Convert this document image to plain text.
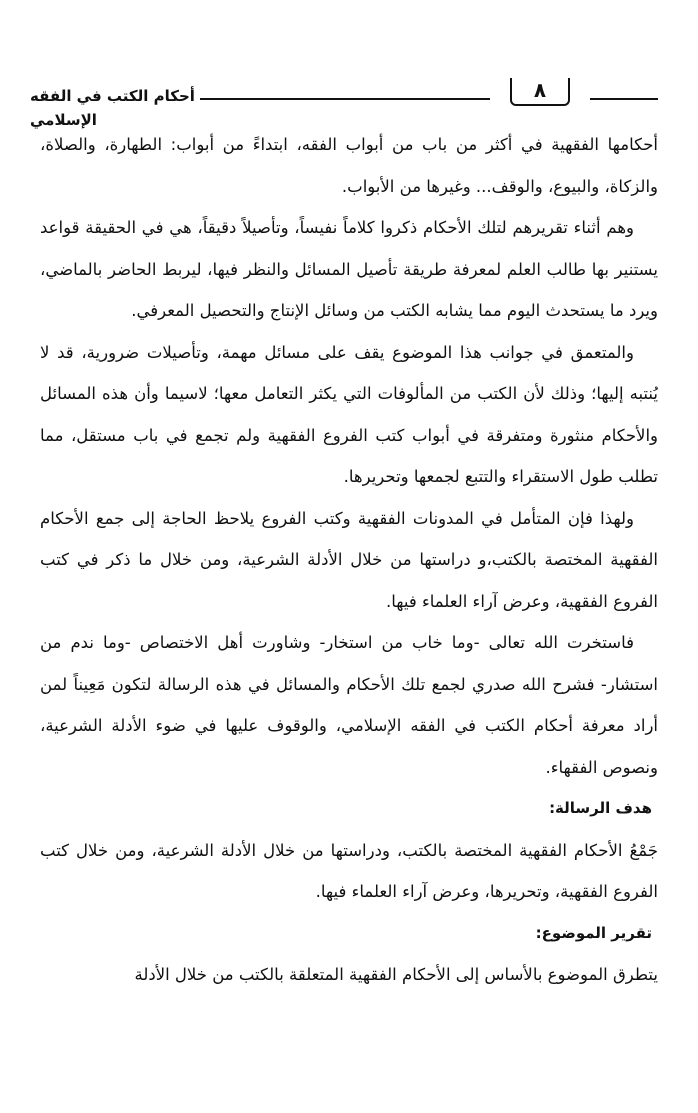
٨
أحكام الكتب في الفقه الإسلامي

أحكامها الفقهية في أكثر من باب من أبواب الفقه، ابتداءً من أبواب: الطهارة، والصلاة، والزكاة، والبيوع، والوقف... وغيرها من الأبواب.

وهم أثناء تقريرهم لتلك الأحكام ذكروا كلاماً نفيساً، وتأصيلاً دقيقاً، هي في الحقيقة قواعد يستنير بها طالب العلم لمعرفة طريقة تأصيل المسائل والنظر فيها، ليربط الحاضر بالماضي، ويرد ما يستحدث اليوم مما يشابه الكتب من وسائل الإنتاج والتحصيل المعرفي.

والمتعمق في جوانب هذا الموضوع يقف على مسائل مهمة، وتأصيلات ضرورية، قد لا يُنتبه إليها؛ وذلك لأن الكتب من المألوفات التي يكثر التعامل معها؛ لاسيما وأن هذه المسائل والأحكام منثورة ومتفرقة في أبواب كتب الفروع الفقهية ولم تجمع في باب مستقل، مما تطلب طول الاستقراء والتتبع لجمعها وتحريرها.

ولهذا فإن المتأمل في المدونات الفقهية وكتب الفروع يلاحظ الحاجة إلى جمع الأحكام الفقهية المختصة بالكتب،و دراستها من خلال الأدلة الشرعية، ومن خلال ما ذكر في كتب الفروع الفقهية، وعرض آراء العلماء فيها.

فاستخرت الله تعالى -وما خاب من استخار- وشاورت أهل الاختصاص -وما ندم من استشار- فشرح الله صدري لجمع تلك الأحكام والمسائل في هذه الرسالة لتكون مَعِيناً لمن أراد معرفة أحكام الكتب في الفقه الإسلامي، والوقوف عليها في ضوء الأدلة الشرعية، ونصوص الفقهاء.

هدف الرسالة:

جَمْعُ الأحكام الفقهية المختصة بالكتب، ودراستها من خلال الأدلة الشرعية، ومن خلال كتب الفروع الفقهية، وتحريرها، وعرض آراء العلماء فيها.

تقرير الموضوع:

يتطرق الموضوع بالأساس إلى الأحكام الفقهية المتعلقة بالكتب من خلال الأدلة
